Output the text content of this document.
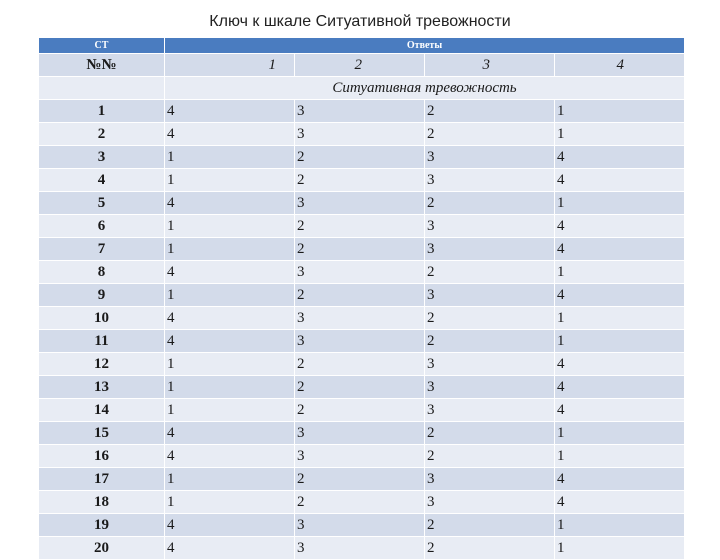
Ключ к шкале Ситуативной тревожности
СТ	Ответы			
№№	1	2	3	4
	Ситуативная тревожность			
1	4	3	2	1
2	4	3	2	1
3	1	2	3	4
4	1	2	3	4
5	4	3	2	1
6	1	2	3	4
7	1	2	3	4
8	4	3	2	1
9	1	2	3	4
10	4	3	2	1
11	4	3	2	1
12	1	2	3	4
13	1	2	3	4
14	1	2	3	4
15	4	3	2	1
16	4	3	2	1
17	1	2	3	4
18	1	2	3	4
19	4	3	2	1
20	4	3	2	1
